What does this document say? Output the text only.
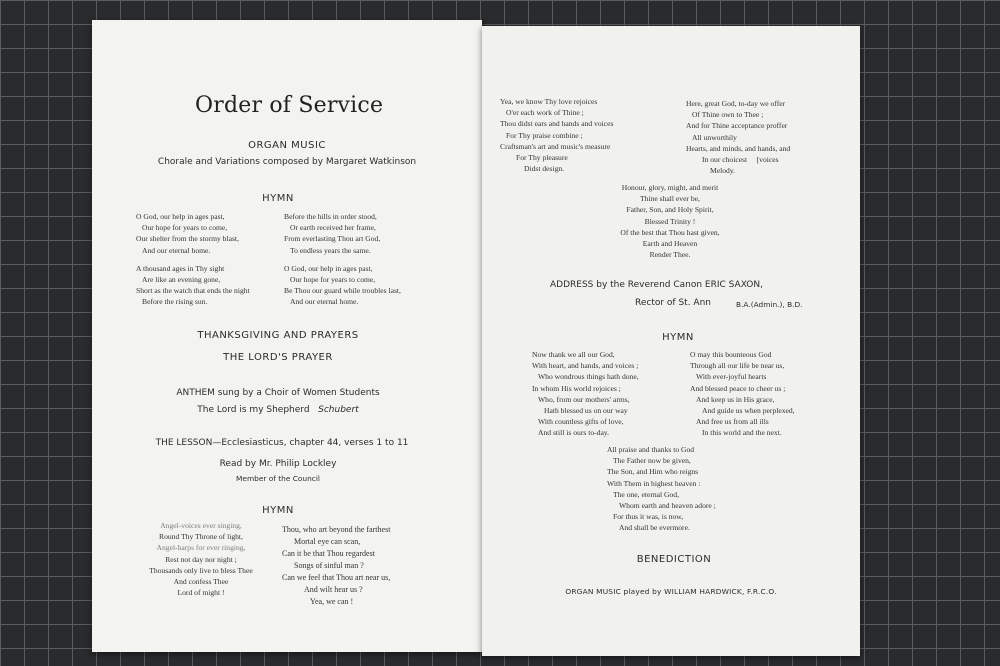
Order of Service

ORGAN MUSIC

Chorale and Variations composed by Margaret Watkinson

HYMN

O God, our help in ages past,
Our hope for years to come,
Our shelter from the stormy blast,
And our eternal home.
A thousand ages in Thy sight
Are like an evening gone,
Short as the watch that ends the night
Before the rising sun.
Before the hills in order stood,
Or earth received her frame,
From everlasting Thou art God,
To endless years the same.
O God, our help in ages past,
Our hope for years to come,
Be Thou our guard while troubles last,
And our eternal home.

THANKSGIVING AND PRAYERS

THE LORD'S PRAYER

ANTHEM sung by a Choir of Women Students

The Lord is my Shepherd Schubert

THE LESSON—Ecclesiasticus, chapter 44, verses 1 to 11

Read by Mr. Philip Lockley

Member of the Council

HYMN

Angel-voices ever singing,
Round Thy Throne of light,
Angel-harps for ever ringing,
Rest not day nor night ;
Thousands only live to bless Thee
And confess Thee
Lord of might !
Thou, who art beyond the farthest
Mortal eye can scan,
Can it be that Thou regardest
Songs of sinful man ?
Can we feel that Thou art near us,
And wilt hear us ?
Yea, we can !
Yea, we know Thy love rejoices
O'er each work of Thine ;
Thou didst ears and hands and voices
For Thy praise combine ;
Craftsman's art and music's measure
For Thy pleasure
Didst design.
Here, great God, to-day we offer
Of Thine own to Thee ;
And for Thine acceptance proffer
All unworthily
Hearts, and minds, and hands, and
In our choicest [voices
Melody.
Honour, glory, might, and merit
Thine shall ever be,
Father, Son, and Holy Spirit,
Blessed Trinity !
Of the best that Thou hast given,
Earth and Heaven
Render Thee.

ADDRESS by the Reverend Canon ERIC SAXON,

Rector of St. Ann	B.A.(Admin.), B.D.

HYMN

Now thank we all our God,
With heart, and hands, and voices ;
Who wondrous things hath done,
In whom His world rejoices ;
Who, from our mothers' arms,
Hath blessed us on our way
With countless gifts of love,
And still is ours to-day.
O may this bounteous God
Through all our life be near us,
With ever-joyful hearts
And blessed peace to cheer us ;
And keep us in His grace,
And guide us when perplexed,
And free us from all ills
In this world and the next.
All praise and thanks to God
The Father now be given,
The Son, and Him who reigns
With Them in highest heaven :
The one, eternal God,
Whom earth and heaven adore ;
For thus it was, is now,
And shall be evermore.

BENEDICTION

ORGAN MUSIC played by WILLIAM HARDWICK, F.R.C.O.
